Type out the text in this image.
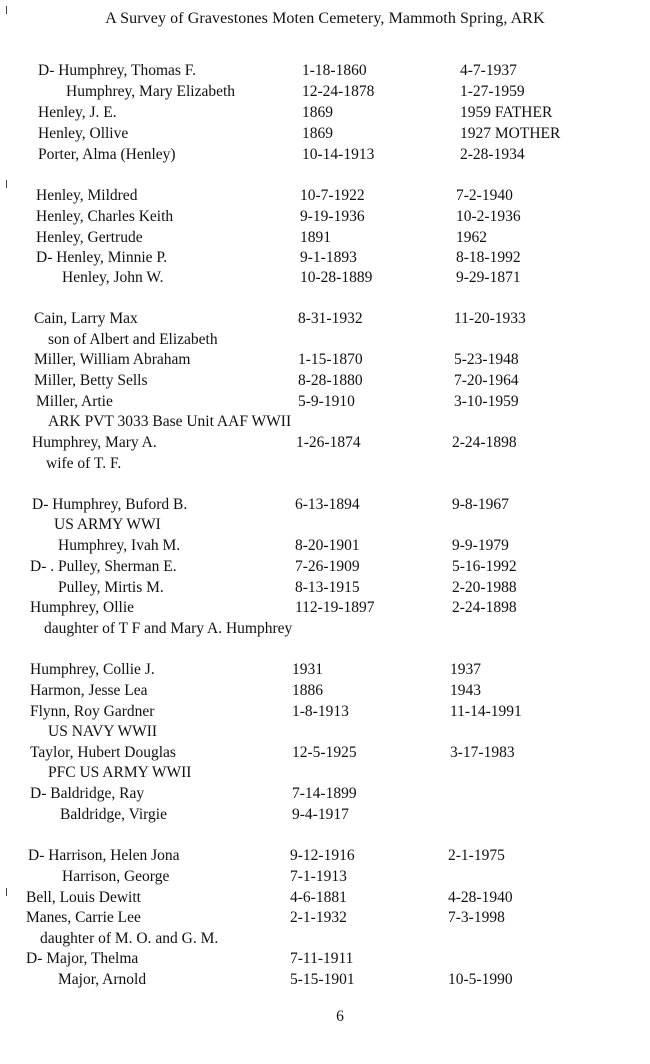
A Survey of Gravestones Moten Cemetery, Mammoth Spring, ARK
D- Humphrey, Thomas F.	1-18-1860	4-7-1937
Humphrey, Mary Elizabeth	12-24-1878	1-27-1959
Henley, J. E.	1869	1959 FATHER
Henley, Ollive	1869	1927 MOTHER
Porter, Alma (Henley)	10-14-1913	2-28-1934
Henley, Mildred	10-7-1922	7-2-1940
Henley, Charles Keith	9-19-1936	10-2-1936
Henley, Gertrude	1891	1962
D- Henley, Minnie P.	9-1-1893	8-18-1992
Henley, John W.	10-28-1889	9-29-1871
Cain, Larry Max	8-31-1932	11-20-1933
son of Albert and Elizabeth
Miller, William Abraham	1-15-1870	5-23-1948
Miller, Betty Sells	8-28-1880	7-20-1964
Miller, Artie	5-9-1910	3-10-1959
ARK PVT 3033 Base Unit AAF WWII
Humphrey, Mary A.	1-26-1874	2-24-1898
wife of T. F.
D- Humphrey, Buford B.	6-13-1894	9-8-1967
US ARMY WWI
Humphrey, Ivah M.	8-20-1901	9-9-1979
D- . Pulley, Sherman E.	7-26-1909	5-16-1992
Pulley, Mirtis M.	8-13-1915	2-20-1988
Humphrey, Ollie	112-19-1897	2-24-1898
daughter of T F and Mary A. Humphrey
Humphrey, Collie J.	1931	1937
Harmon, Jesse Lea	1886	1943
Flynn, Roy Gardner	1-8-1913	11-14-1991
US NAVY WWII
Taylor, Hubert Douglas	12-5-1925	3-17-1983
PFC US ARMY WWII
D- Baldridge, Ray	7-14-1899
Baldridge, Virgie	9-4-1917
D- Harrison, Helen Jona	9-12-1916	2-1-1975
Harrison, George	7-1-1913
Bell, Louis Dewitt	4-6-1881	4-28-1940
Manes, Carrie Lee	2-1-1932	7-3-1998
daughter of M. O. and G. M.
D- Major, Thelma	7-11-1911
Major, Arnold	5-15-1901	10-5-1990
6
